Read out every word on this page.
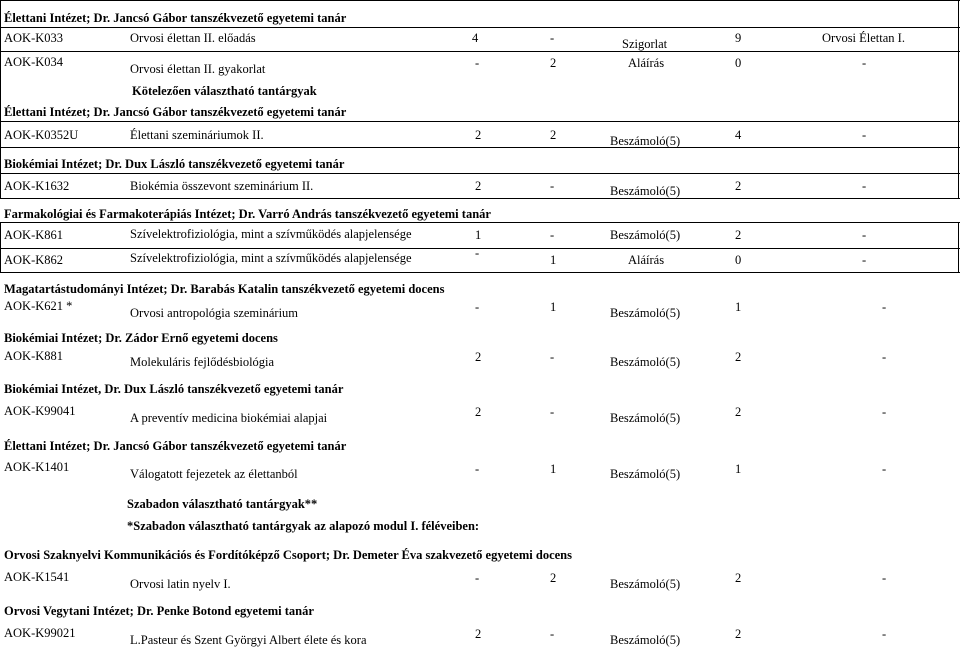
Élettani Intézet; Dr. Jancsó Gábor tanszékvezető egyetemi tanár
Élettani Intézet; Dr. Jancsó Gábor tanszékvezető egyetemi tanár
Biokémiai Intézet; Dr. Dux László tanszékvezető egyetemi tanár
Farmakológiai és Farmakoterápiás Intézet; Dr. Varró András tanszékvezető egyetemi tanár
Magatartástudományi Intézet; Dr. Barabás Katalin tanszékvezető egyetemi docens
Biokémiai Intézet; Dr. Zádor Ernő egyetemi docens
Biokémiai Intézet, Dr. Dux László tanszékvezető egyetemi tanár
Élettani Intézet; Dr. Jancsó Gábor tanszékvezető egyetemi tanár
Orvosi Szaknyelvi Kommunikációs és Fordítóképző Csoport; Dr. Demeter Éva szakvezető egyetemi docens
Orvosi Vegytani Intézet; Dr. Penke Botond egyetemi tanár
Kötelezően választható tantárgyak
Szabadon választható tantárgyak**
*Szabadon választható tantárgyak az alapozó modul I. féléveiben:
AOK-K033	Orvosi élettan II. előadás	4	-	Szigorlat	9	Orvosi Élettan I.
AOK-K034	Orvosi élettan II. gyakorlat	-	2	Aláírás	0	-
AOK-K0352U	Élettani szemináriumok II.	2	2	Beszámoló(5)	4	-
AOK-K1632	Biokémia összevont szeminárium II.	2	-	Beszámoló(5)	2	-
AOK-K861	Szívelektrofiziológia, mint a szívműködés alapjelensége	1	-	Beszámoló(5)	2	-
AOK-K862	Szívelektrofiziológia, mint a szívműködés alapjelensége	-	1	Aláírás	0	-
AOK-K621 *	Orvosi antropológia szeminárium	-	1	Beszámoló(5)	1	-
AOK-K881	Molekuláris fejlődésbiológia	2	-	Beszámoló(5)	2	-
AOK-K99041	A preventív medicina biokémiai alapjai	2	-	Beszámoló(5)	2	-
AOK-K1401	Válogatott fejezetek az élettanból	-	1	Beszámoló(5)	1	-
AOK-K1541	Orvosi latin nyelv I.	-	2	Beszámoló(5)	2	-
AOK-K99021	L.Pasteur és Szent Györgyi Albert élete és kora	2	-	Beszámoló(5)	2	-
